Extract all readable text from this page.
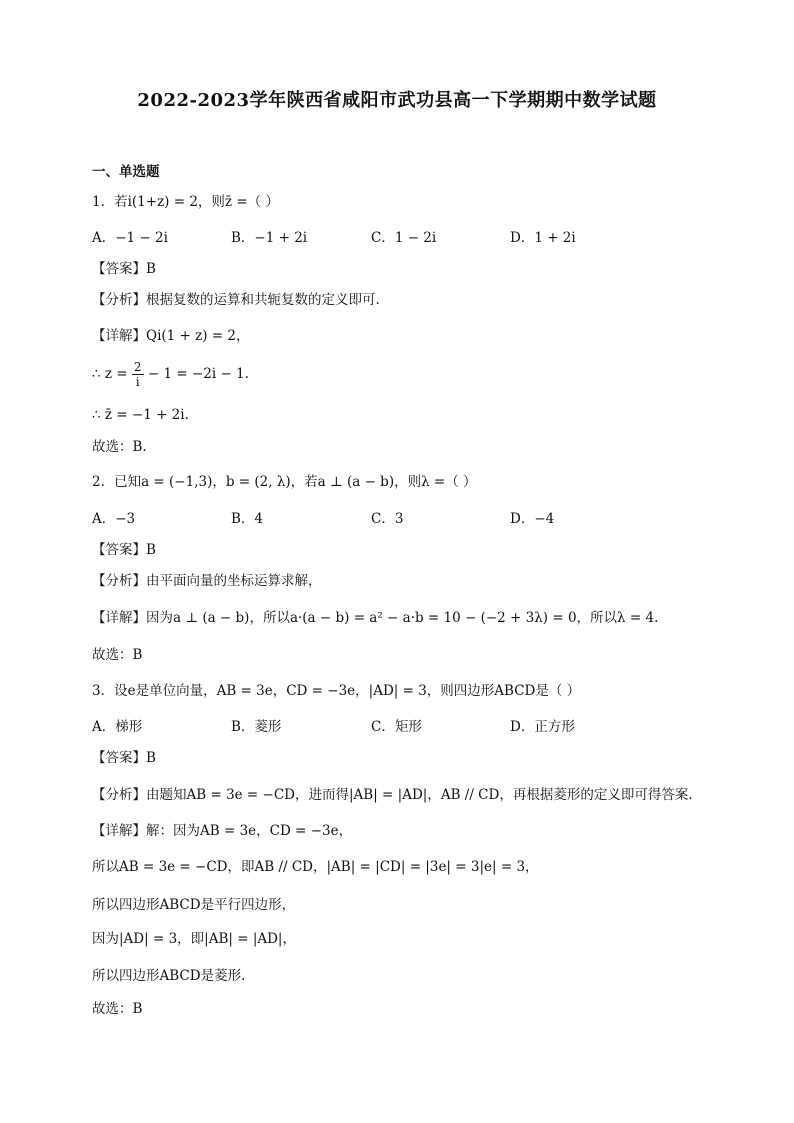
2022-2023学年陕西省咸阳市武功县高一下学期期中数学试题
一、单选题
1．若i(1+z) = 2，则z̄ =（ ）
A．−1 − 2i	B．−1 + 2i	C．1 − 2i	D．1 + 2i
【答案】B
【分析】根据复数的运算和共轭复数的定义即可.
【详解】Qi(1 + z) = 2，
∴ $z = \frac{2}{i} - 1 = -2i - 1$.
∴ z̄ = −1 + 2i.
故选：B.
2．已知a = (−1,3)，b = (2, λ)，若a ⊥ (a − b)，则λ =（ ）
A．−3	B．4	C．3	D．−4
【答案】B
【分析】由平面向量的坐标运算求解，
【详解】因为a ⊥ (a − b)，所以a·(a − b) = a² − a·b = 10 − (−2 + 3λ) = 0，所以λ = 4.
故选：B
3．设e是单位向量，AB = 3e，CD = −3e，|AD| = 3，则四边形ABCD是（ ）
A．梯形	B．菱形	C．矩形	D．正方形
【答案】B
【分析】由题知AB = 3e = −CD，进而得|AB| = |AD|，AB // CD，再根据菱形的定义即可得答案.
【详解】解：因为AB = 3e，CD = −3e，
所以AB = 3e = −CD，即AB // CD，|AB| = |CD| = |3e| = 3|e| = 3，
所以四边形ABCD是平行四边形，
因为|AD| = 3，即|AB| = |AD|，
所以四边形ABCD是菱形.
故选：B
